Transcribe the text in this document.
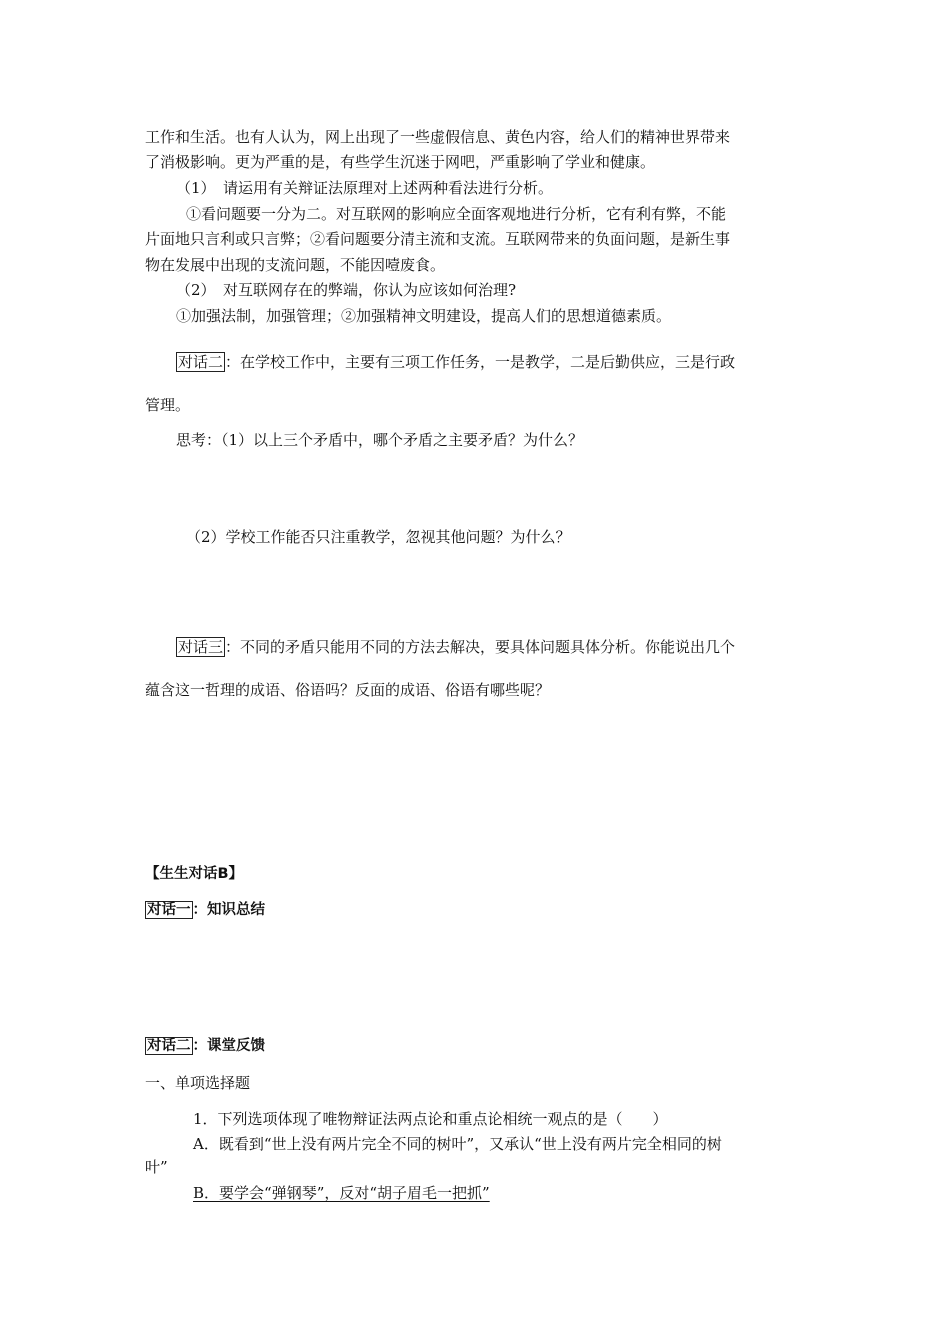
工作和生活。也有人认为，网上出现了一些虚假信息、黄色内容，给人们的精神世界带来
了消极影响。更为严重的是，有些学生沉迷于网吧，严重影响了学业和健康。
（1）　请运用有关辩证法原理对上述两种看法进行分析。
①看问题要一分为二。对互联网的影响应全面客观地进行分析，它有利有弊，不能
片面地只言利或只言弊；②看问题要分清主流和支流。互联网带来的负面问题，是新生事
物在发展中出现的支流问题，不能因噎废食。
（2）　对互联网存在的弊端，你认为应该如何治理?
①加强法制，加强管理；②加强精神文明建设，提高人们的思想道德素质。
对话二 ：在学校工作中，主要有三项工作任务，一是教学，二是后勤供应，三是行政
管理。
思考：（1）以上三个矛盾中，哪个矛盾之主要矛盾？为什么？
（2）学校工作能否只注重教学，忽视其他问题？为什么？
对话三 ：不同的矛盾只能用不同的方法去解决，要具体问题具体分析。你能说出几个
蕴含这一哲理的成语、俗语吗？反面的成语、俗语有哪些呢？
【生生对话B】
对话一 ：知识总结
对话二 ：课堂反馈
一、单项选择题
1．下列选项体现了唯物辩证法两点论和重点论相统一观点的是（　　）
A．既看到“世上没有两片完全不同的树叶”，又承认“世上没有两片完全相同的树
叶”
B．要学会“弹钢琴”，反对“胡子眉毛一把抓”
